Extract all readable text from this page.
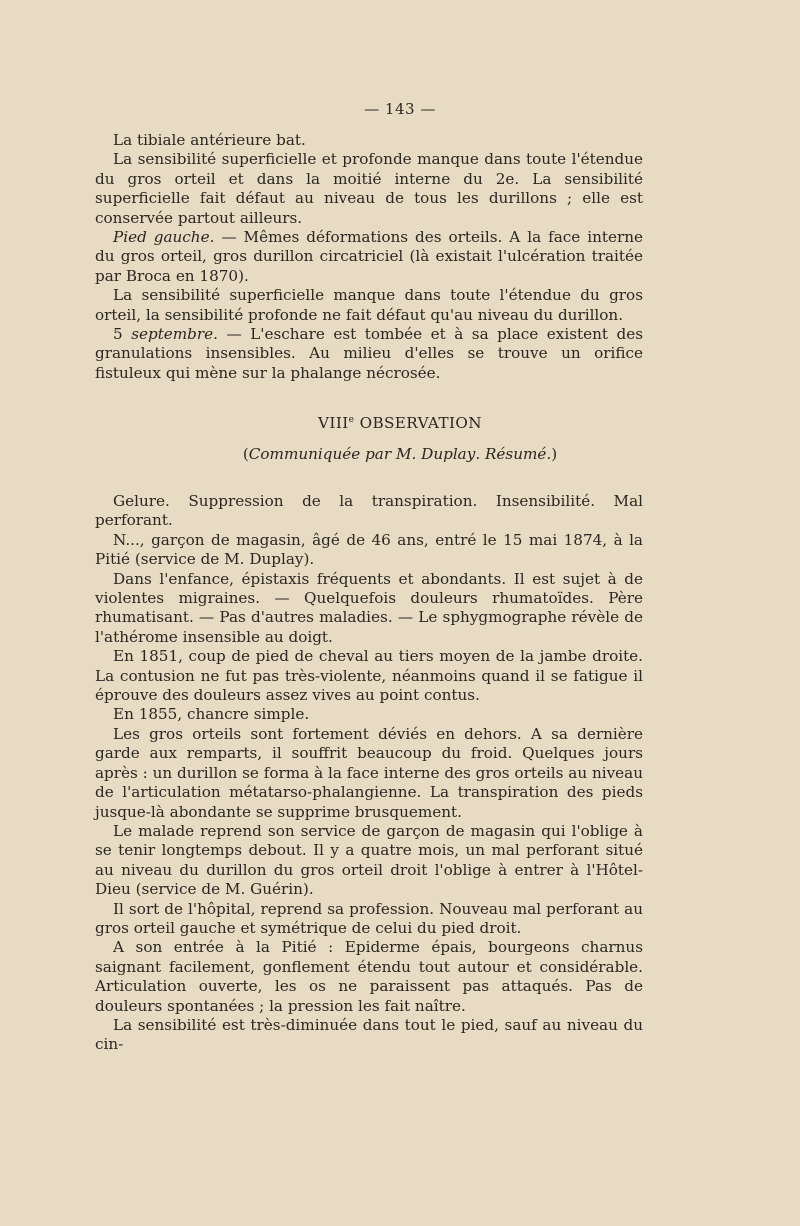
— 143 —

La tibiale antérieure bat.

La sensibilité superficielle et profonde manque dans toute l'étendue du gros orteil et dans la moitié interne du 2e. La sensibilité superficielle fait défaut au niveau de tous les durillons ; elle est conservée partout ailleurs.

Pied gauche. — Mêmes déformations des orteils. A la face interne du gros orteil, gros durillon circatriciel (là existait l'ulcération traitée par Broca en 1870).

La sensibilité superficielle manque dans toute l'étendue du gros orteil, la sensibilité profonde ne fait défaut qu'au niveau du durillon.

5 septembre. — L'eschare est tombée et à sa place existent des granulations insensibles. Au milieu d'elles se trouve un orifice fistuleux qui mène sur la phalange nécrosée.

VIIIe OBSERVATION
(Communiquée par M. Duplay. Résumé.)

Gelure. Suppression de la transpiration. Insensibilité. Mal perforant.

N..., garçon de magasin, âgé de 46 ans, entré le 15 mai 1874, à la Pitié (service de M. Duplay).

Dans l'enfance, épistaxis fréquents et abondants. Il est sujet à de violentes migraines. — Quelquefois douleurs rhumatoïdes. Père rhumatisant. — Pas d'autres maladies. — Le sphygmographe révèle de l'athérome insensible au doigt.

En 1851, coup de pied de cheval au tiers moyen de la jambe droite. La contusion ne fut pas très-violente, néanmoins quand il se fatigue il éprouve des douleurs assez vives au point contus.

En 1855, chancre simple.

Les gros orteils sont fortement déviés en dehors. A sa dernière garde aux remparts, il souffrit beaucoup du froid. Quelques jours après : un durillon se forma à la face interne des gros orteils au niveau de l'articulation métatarso-phalangienne. La transpiration des pieds jusque-là abondante se supprime brusquement.

Le malade reprend son service de garçon de magasin qui l'oblige à se tenir longtemps debout. Il y a quatre mois, un mal perforant situé au niveau du durillon du gros orteil droit l'oblige à entrer à l'Hôtel-Dieu (service de M. Guérin).

Il sort de l'hôpital, reprend sa profession. Nouveau mal perforant au gros orteil gauche et symétrique de celui du pied droit.

A son entrée à la Pitié : Epiderme épais, bourgeons charnus saignant facilement, gonflement étendu tout autour et considérable. Articulation ouverte, les os ne paraissent pas attaqués. Pas de douleurs spontanées ; la pression les fait naître.

La sensibilité est très-diminuée dans tout le pied, sauf au niveau du cin-
